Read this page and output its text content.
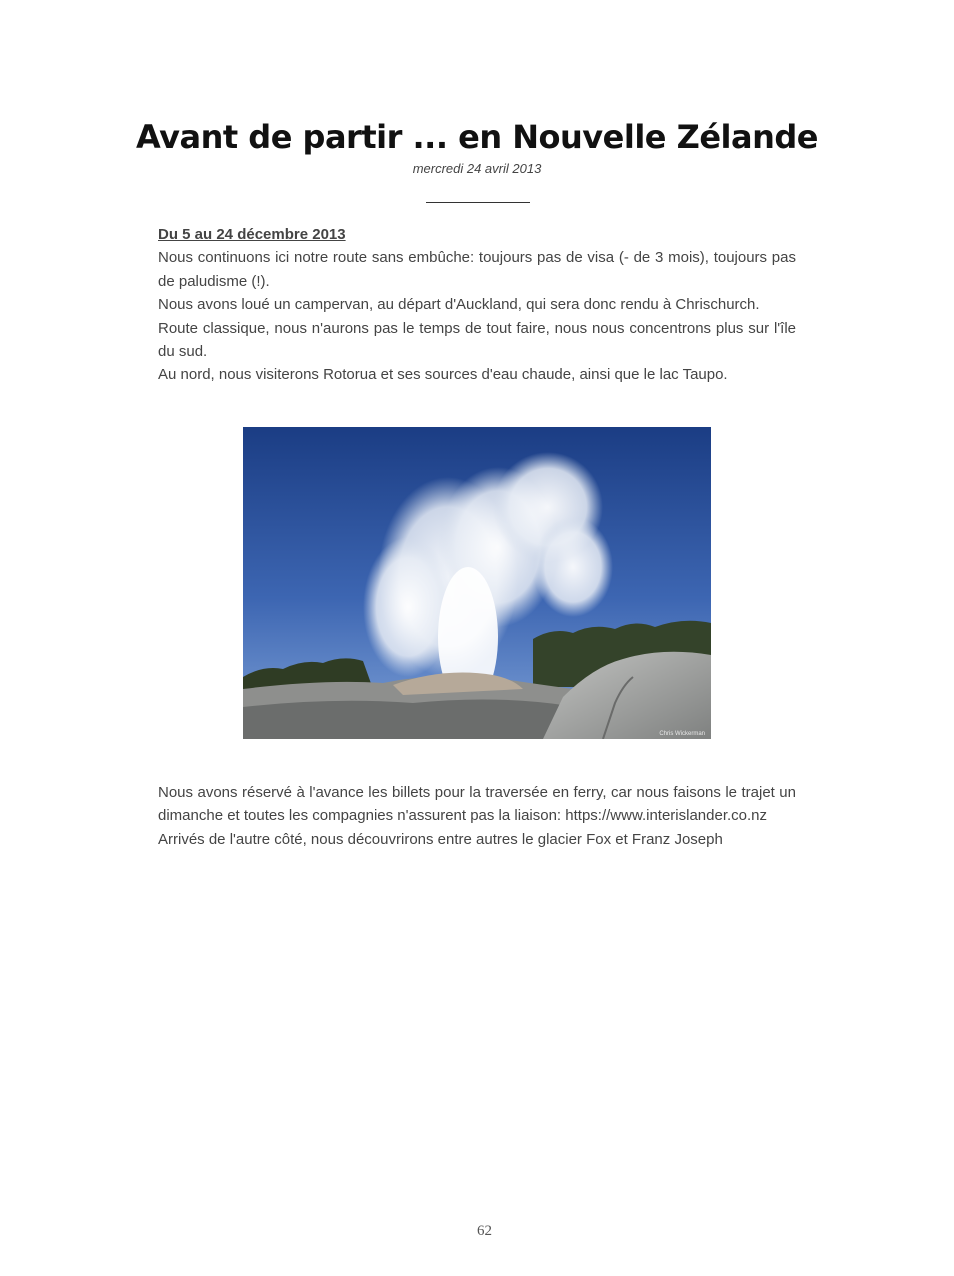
Avant de partir ... en Nouvelle Zélande
mercredi 24 avril 2013
Du 5 au 24 décembre 2013

Nous continuons ici notre route sans embûche: toujours pas de visa (- de 3 mois), toujours pas de paludisme (!).

Nous avons loué un campervan, au départ d'Auckland, qui sera donc rendu à Chrischurch.

Route classique, nous n'aurons pas le temps de tout faire, nous nous concentrons plus sur l'île du sud.

Au nord, nous visiterons Rotorua et ses sources d'eau chaude, ainsi que le lac Taupo.

Chris Wickerman

Nous avons réservé à l'avance les billets pour la traversée en ferry, car nous faisons le trajet un dimanche et toutes les compagnies n'assurent pas la liaison: https://www.interislander.co.nz

Arrivés de l'autre côté, nous découvrirons entre autres le glacier Fox et Franz Joseph

62
